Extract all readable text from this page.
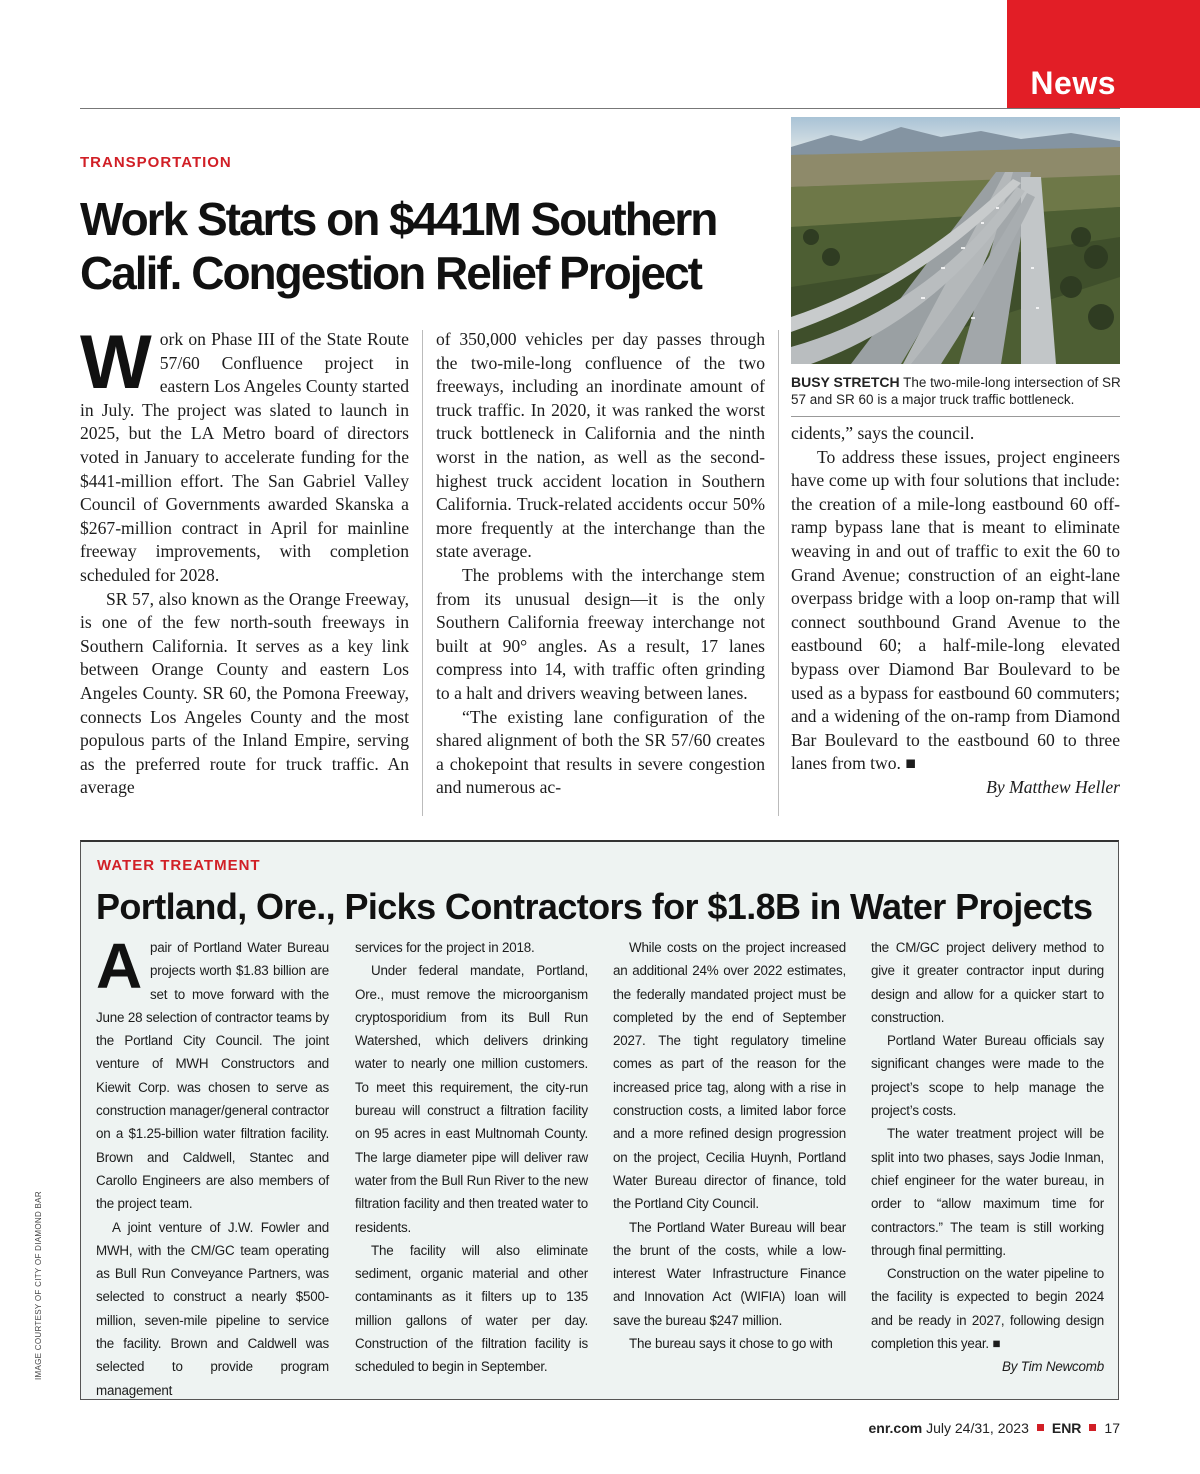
News
BUSY STRETCH The two-mile-long intersection of SR 57 and SR 60 is a major truck traffic bottleneck.
TRANSPORTATION
Work Starts on $441M Southern Calif. Congestion Relief Project

Work on Phase III of the State Route 57/60 Confluence project in eastern Los Angeles County started in July. The project was slated to launch in 2025, but the LA Metro board of directors voted in January to accelerate funding for the $441-million effort. The San Gabriel Valley Council of Governments awarded Skanska a $267-million contract in April for mainline freeway improvements, with completion scheduled for 2028.

SR 57, also known as the Orange Freeway, is one of the few north-south freeways in Southern California. It serves as a key link between Orange County and eastern Los Angeles County. SR 60, the Pomona Freeway, connects Los Angeles County and the most populous parts of the Inland Empire, serving as the preferred route for truck traffic. An average

of 350,000 vehicles per day passes through the two-mile-long confluence of the two freeways, including an inordinate amount of truck traffic. In 2020, it was ranked the worst truck bottleneck in California and the ninth worst in the nation, as well as the second-highest truck accident location in Southern California. Truck-related accidents occur 50% more frequently at the interchange than the state average.

The problems with the interchange stem from its unusual design—it is the only Southern California freeway interchange not built at 90° angles. As a result, 17 lanes compress into 14, with traffic often grinding to a halt and drivers weaving between lanes.

“The existing lane configuration of the shared alignment of both the SR 57/60 creates a chokepoint that results in severe congestion and numerous ac-

cidents,” says the council.

To address these issues, project engineers have come up with four solutions that include: the creation of a mile-long eastbound 60 off-ramp bypass lane that is meant to eliminate weaving in and out of traffic to exit the 60 to Grand Avenue; construction of an eight-lane overpass bridge with a loop on-ramp that will connect southbound Grand Avenue to the eastbound 60; a half-mile-long elevated bypass over Diamond Bar Boulevard to be used as a bypass for eastbound 60 commuters; and a widening of the on-ramp from Diamond Bar Boulevard to the eastbound 60 to three lanes from two. ■

By Matthew Heller

WATER TREATMENT
Portland, Ore., Picks Contractors for $1.8B in Water Projects

Apair of Portland Water Bureau projects worth $1.83 billion are set to move forward with the June 28 selection of contractor teams by the Portland City Council. The joint venture of MWH Constructors and Kiewit Corp. was chosen to serve as construction manager/general contractor on a $1.25-billion water filtration facility. Brown and Caldwell, Stantec and Carollo Engineers are also members of the project team.

A joint venture of J.W. Fowler and MWH, with the CM/GC team operating as Bull Run Conveyance Partners, was selected to construct a nearly $500-million, seven-mile pipeline to service the facility. Brown and Caldwell was selected to provide program management

services for the project in 2018.

Under federal mandate, Portland, Ore., must remove the microorganism cryptosporidium from its Bull Run Watershed, which delivers drinking water to nearly one million customers. To meet this requirement, the city-run bureau will construct a filtration facility on 95 acres in east Multnomah County. The large diameter pipe will deliver raw water from the Bull Run River to the new filtration facility and then treated water to residents.

The facility will also eliminate sediment, organic material and other contaminants as it filters up to 135 million gallons of water per day. Construction of the filtration facility is scheduled to begin in September.

While costs on the project increased an additional 24% over 2022 estimates, the federally mandated project must be completed by the end of September 2027. The tight regulatory timeline comes as part of the reason for the increased price tag, along with a rise in construction costs, a limited labor force and a more refined design progression on the project, Cecilia Huynh, Portland Water Bureau director of finance, told the Portland City Council.

The Portland Water Bureau will bear the brunt of the costs, while a low-interest Water Infrastructure Finance and Innovation Act (WIFIA) loan will save the bureau $247 million.

The bureau says it chose to go with

the CM/GC project delivery method to give it greater contractor input during design and allow for a quicker start to construction.

Portland Water Bureau officials say significant changes were made to the project’s scope to help manage the project’s costs.

The water treatment project will be split into two phases, says Jodie Inman, chief engineer for the water bureau, in order to “allow maximum time for contractors.” The team is still working through final permitting.

Construction on the water pipeline to the facility is expected to begin 2024 and be ready in 2027, following design completion this year. ■

By Tim Newcomb

IMAGE COURTESY OF CITY OF DIAMOND BAR
enr.com July 24/31, 2023 ENR 17
